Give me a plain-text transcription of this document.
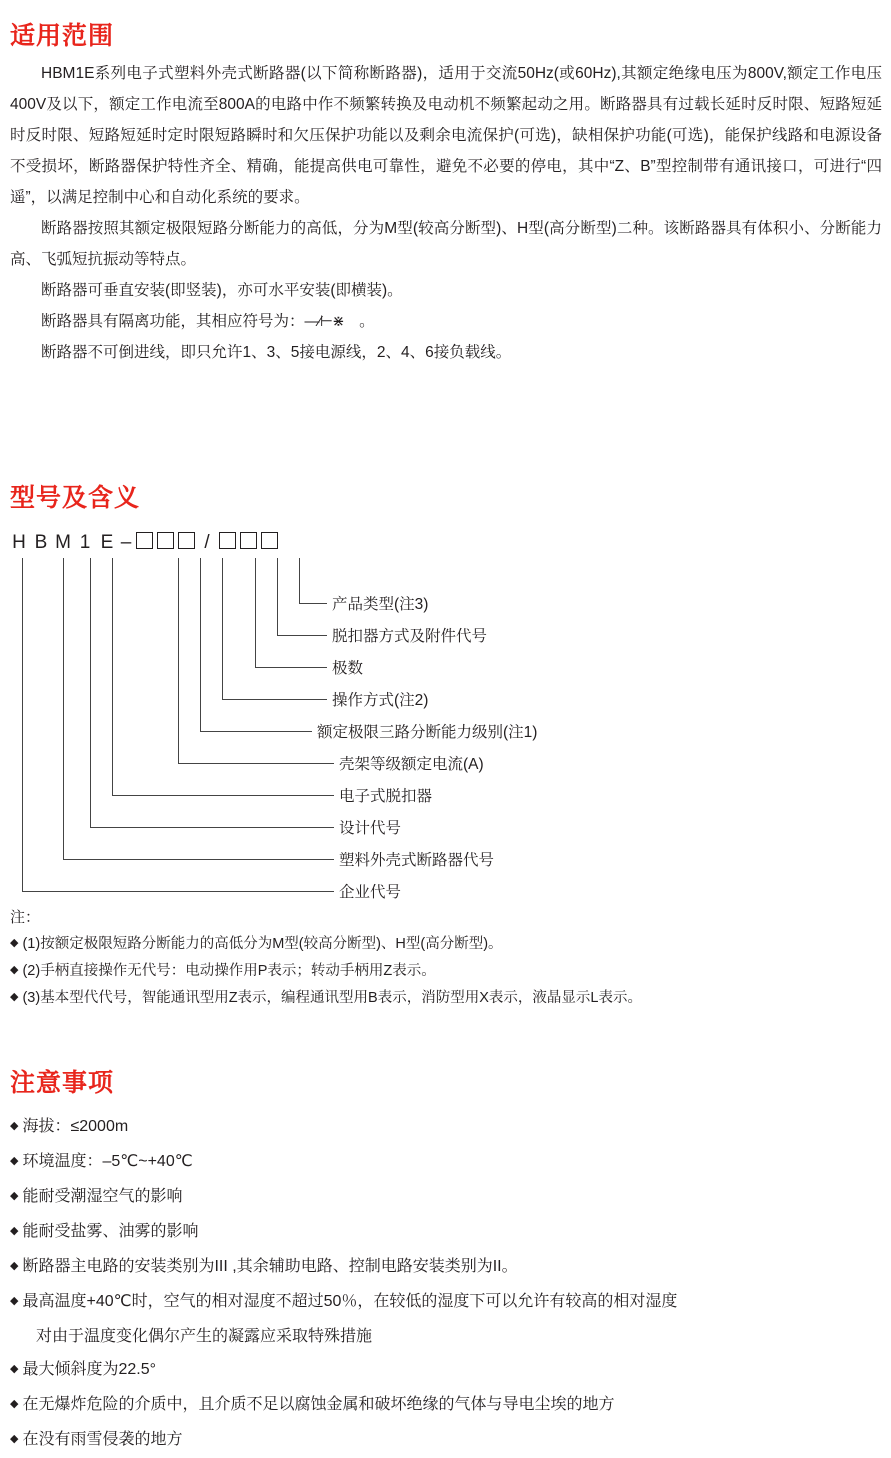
适用范围

HBM1E系列电子式塑料外壳式断路器(以下简称断路器)，适用于交流50Hz(或60Hz),其额定绝缘电压为800V,额定工作电压400V及以下，额定工作电流至800A的电路中作不频繁转换及电动机不频繁起动之用。断路器具有过载长延时反时限、短路短延时反时限、短路短延时定时限短路瞬时和欠压保护功能以及剩余电流保护(可选)，缺相保护功能(可选)，能保护线路和电源设备不受损坏，断路器保护特性齐全、精确，能提高供电可靠性，避免不必要的停电，其中“Z、B”型控制带有通讯接口，可进行“四遥”，以满足控制中心和自动化系统的要求。

断路器按照其额定极限短路分断能力的高低，分为M型(较高分断型)、H型(高分断型)二种。该断路器具有体积小、分断能力高、飞弧短抗振动等特点。

断路器可垂直安装(即竖装)，亦可水平安装(即横装)。

断路器具有隔离功能，其相应符号为：—⁄⊢⋇　。

断路器不可倒进线，即只允许1、3、5接电源线，2、4、6接负载线。

型号及含义
H B M 1 E –	/
产品类型(注3)
脱扣器方式及附件代号
极数
操作方式(注2)
额定极限三路分断能力级别(注1)
壳架等级额定电流(A)
电子式脱扣器
设计代号
塑料外壳式断路器代号
企业代号
注：
◆ (1)按额定极限短路分断能力的高低分为M型(较高分断型)、H型(高分断型)。
◆ (2)手柄直接操作无代号：电动操作用P表示；转动手柄用Z表示。
◆ (3)基本型代代号，智能通讯型用Z表示，编程通讯型用B表示，消防型用X表示，液晶显示L表示。
注意事项
◆ 海拔：≤2000m
◆ 环境温度：–5℃~+40℃
◆ 能耐受潮湿空气的影响
◆ 能耐受盐雾、油雾的影响
◆ 断路器主电路的安装类别为III ,其余辅助电路、控制电路安装类别为II。
◆ 最高温度+40℃时，空气的相对湿度不超过50％，在较低的湿度下可以允许有较高的相对湿度
对由于温度变化偶尔产生的凝露应采取特殊措施
◆ 最大倾斜度为22.5°
◆ 在无爆炸危险的介质中，且介质不足以腐蚀金属和破坏绝缘的气体与导电尘埃的地方
◆ 在没有雨雪侵袭的地方
